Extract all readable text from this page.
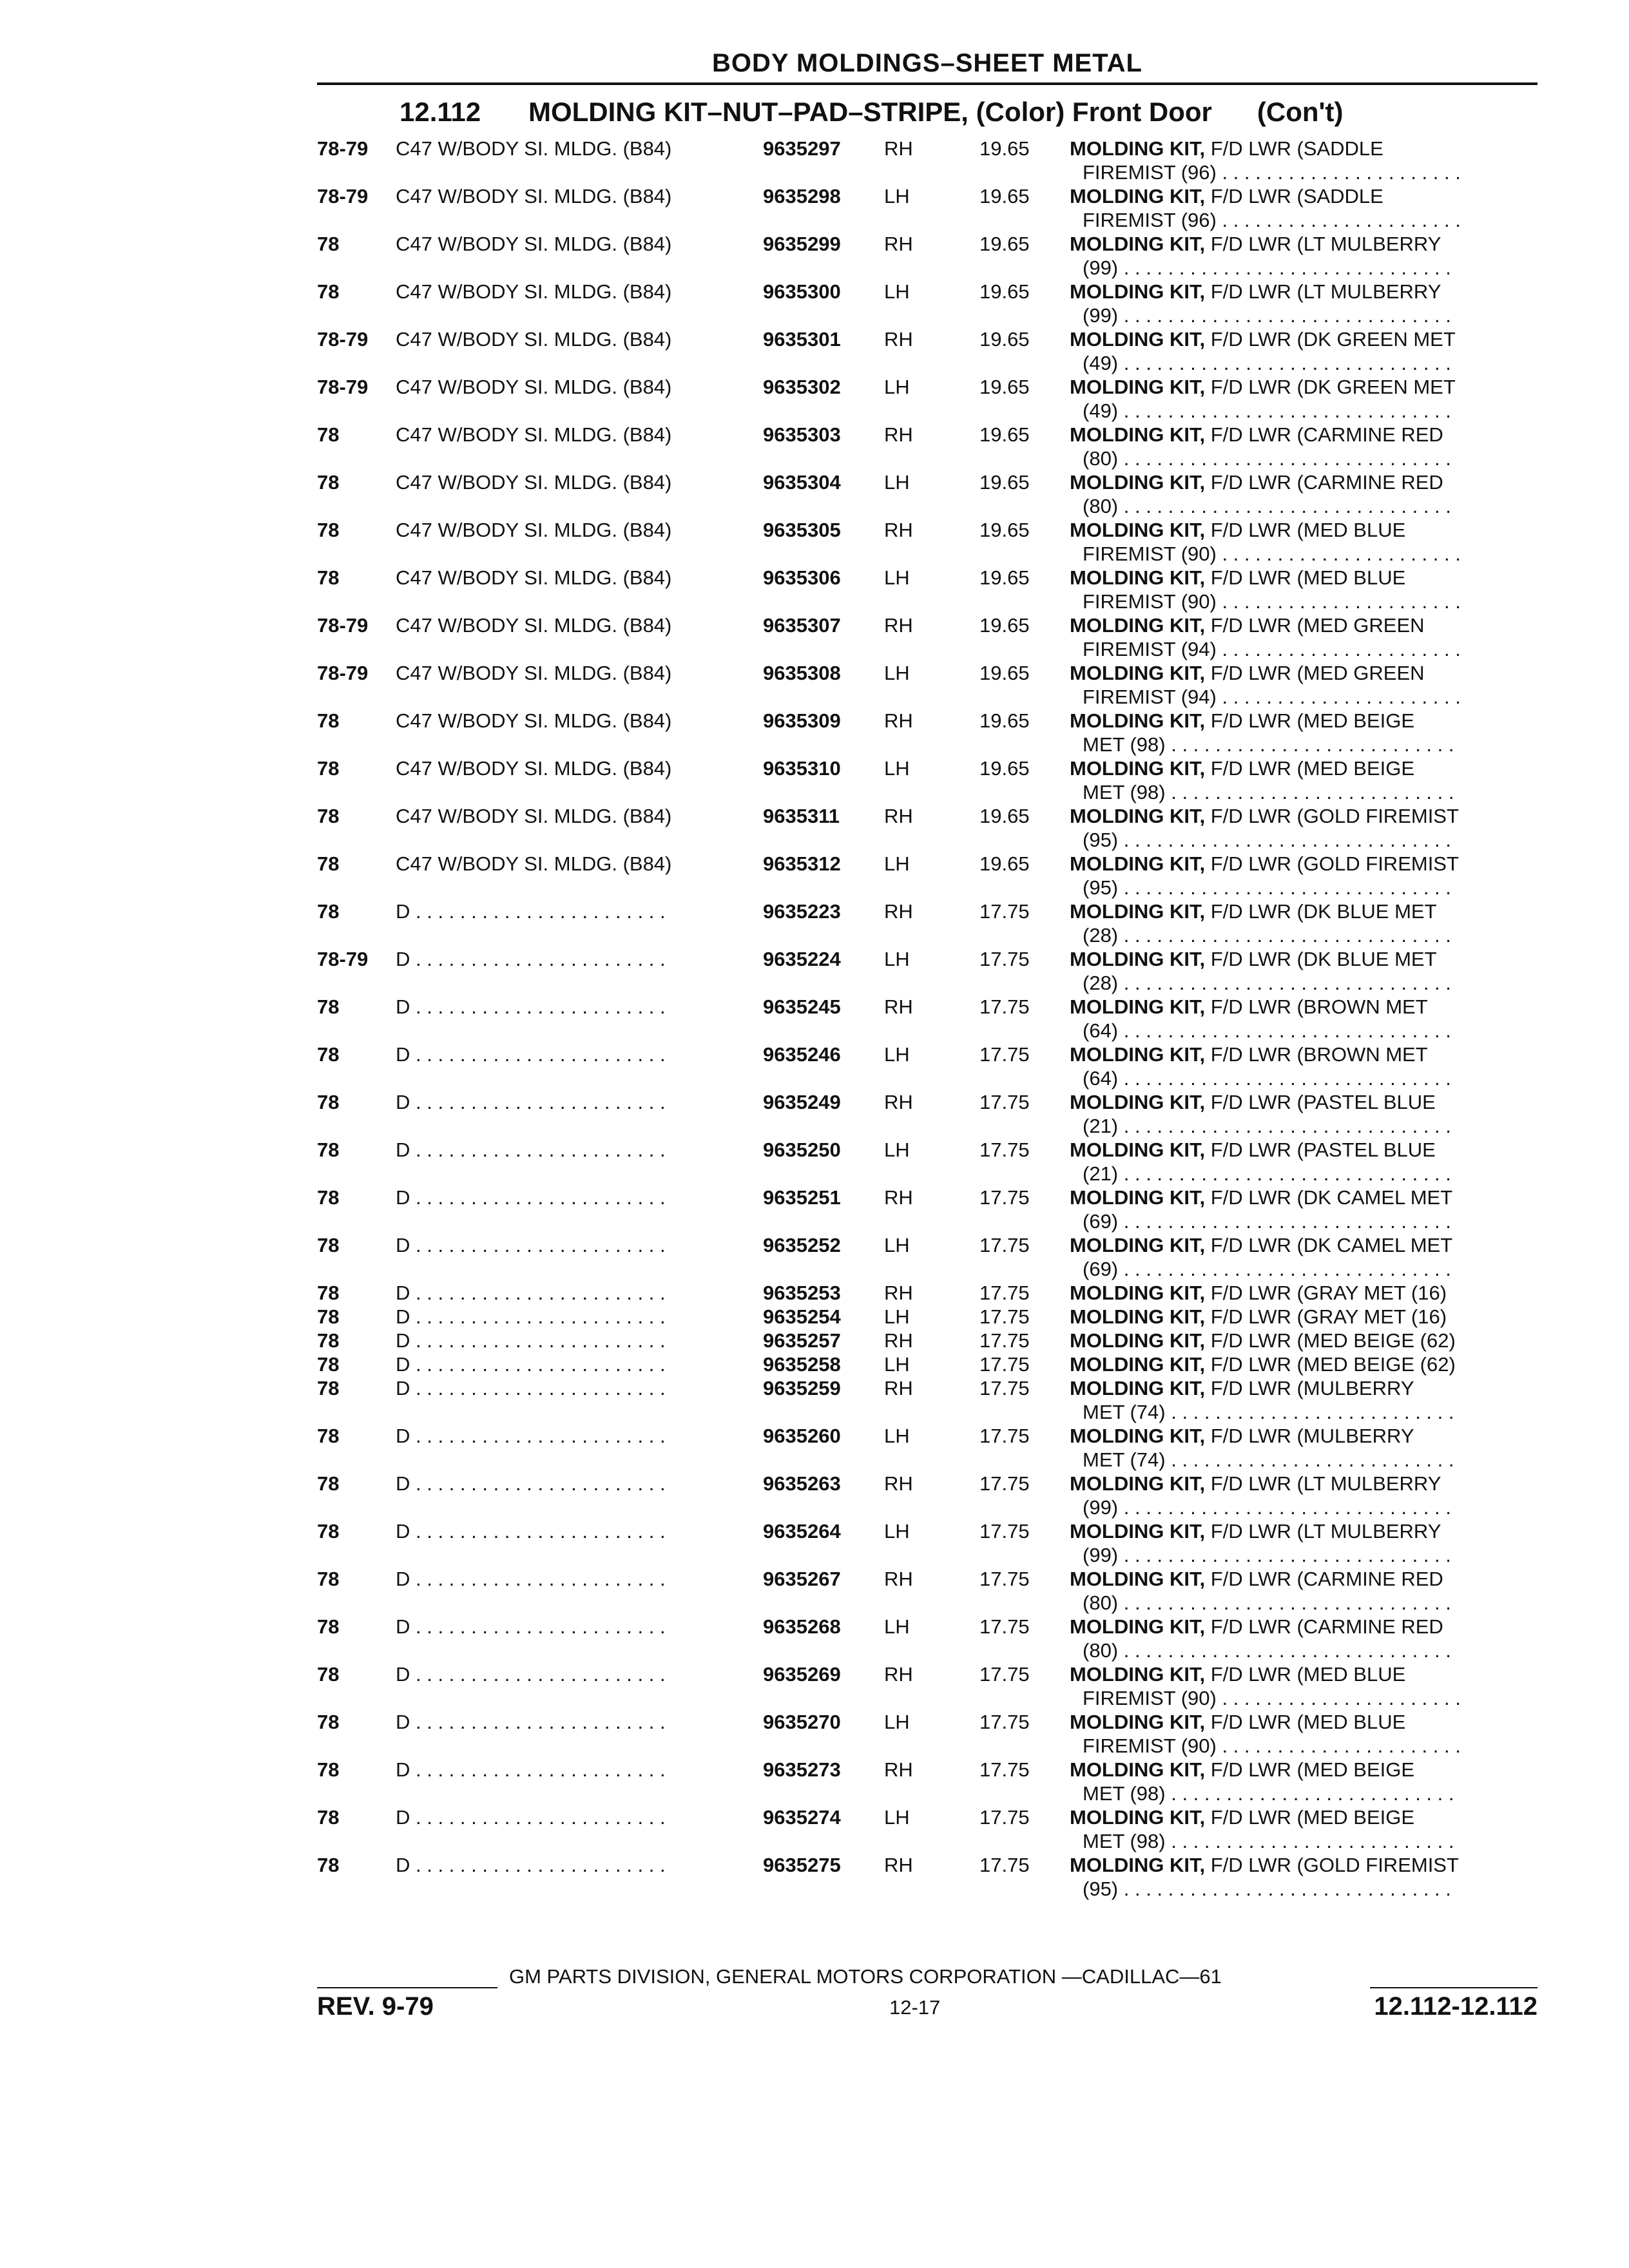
BODY MOLDINGS–SHEET METAL
12.112 MOLDING KIT–NUT–PAD–STRIPE, (Color) Front Door (Con't)
78-79	C47 W/BODY SI. MLDG. (B84)	9635297	RH	19.65	MOLDING KIT, F/D LWR (SADDLE
FIREMIST (96) . . . . . . . . . . . . . . . . . . . . . .
78-79	C47 W/BODY SI. MLDG. (B84)	9635298	LH	19.65	MOLDING KIT, F/D LWR (SADDLE
FIREMIST (96) . . . . . . . . . . . . . . . . . . . . . .
78	C47 W/BODY SI. MLDG. (B84)	9635299	RH	19.65	MOLDING KIT, F/D LWR (LT MULBERRY
(99) . . . . . . . . . . . . . . . . . . . . . . . . . . . . . .
78	C47 W/BODY SI. MLDG. (B84)	9635300	LH	19.65	MOLDING KIT, F/D LWR (LT MULBERRY
(99) . . . . . . . . . . . . . . . . . . . . . . . . . . . . . .
78-79	C47 W/BODY SI. MLDG. (B84)	9635301	RH	19.65	MOLDING KIT, F/D LWR (DK GREEN MET
(49) . . . . . . . . . . . . . . . . . . . . . . . . . . . . . .
78-79	C47 W/BODY SI. MLDG. (B84)	9635302	LH	19.65	MOLDING KIT, F/D LWR (DK GREEN MET
(49) . . . . . . . . . . . . . . . . . . . . . . . . . . . . . .
78	C47 W/BODY SI. MLDG. (B84)	9635303	RH	19.65	MOLDING KIT, F/D LWR (CARMINE RED
(80) . . . . . . . . . . . . . . . . . . . . . . . . . . . . . .
78	C47 W/BODY SI. MLDG. (B84)	9635304	LH	19.65	MOLDING KIT, F/D LWR (CARMINE RED
(80) . . . . . . . . . . . . . . . . . . . . . . . . . . . . . .
78	C47 W/BODY SI. MLDG. (B84)	9635305	RH	19.65	MOLDING KIT, F/D LWR (MED BLUE
FIREMIST (90) . . . . . . . . . . . . . . . . . . . . . .
78	C47 W/BODY SI. MLDG. (B84)	9635306	LH	19.65	MOLDING KIT, F/D LWR (MED BLUE
FIREMIST (90) . . . . . . . . . . . . . . . . . . . . . .
78-79	C47 W/BODY SI. MLDG. (B84)	9635307	RH	19.65	MOLDING KIT, F/D LWR (MED GREEN
FIREMIST (94) . . . . . . . . . . . . . . . . . . . . . .
78-79	C47 W/BODY SI. MLDG. (B84)	9635308	LH	19.65	MOLDING KIT, F/D LWR (MED GREEN
FIREMIST (94) . . . . . . . . . . . . . . . . . . . . . .
78	C47 W/BODY SI. MLDG. (B84)	9635309	RH	19.65	MOLDING KIT, F/D LWR (MED BEIGE
MET (98) . . . . . . . . . . . . . . . . . . . . . . . . . .
78	C47 W/BODY SI. MLDG. (B84)	9635310	LH	19.65	MOLDING KIT, F/D LWR (MED BEIGE
MET (98) . . . . . . . . . . . . . . . . . . . . . . . . . .
78	C47 W/BODY SI. MLDG. (B84)	9635311	RH	19.65	MOLDING KIT, F/D LWR (GOLD FIREMIST
(95) . . . . . . . . . . . . . . . . . . . . . . . . . . . . . .
78	C47 W/BODY SI. MLDG. (B84)	9635312	LH	19.65	MOLDING KIT, F/D LWR (GOLD FIREMIST
(95) . . . . . . . . . . . . . . . . . . . . . . . . . . . . . .
78	D . . . . . . . . . . . . . . . . . . . . . . .	9635223	RH	17.75	MOLDING KIT, F/D LWR (DK BLUE MET
(28) . . . . . . . . . . . . . . . . . . . . . . . . . . . . . .
78-79	D . . . . . . . . . . . . . . . . . . . . . . .	9635224	LH	17.75	MOLDING KIT, F/D LWR (DK BLUE MET
(28) . . . . . . . . . . . . . . . . . . . . . . . . . . . . . .
78	D . . . . . . . . . . . . . . . . . . . . . . .	9635245	RH	17.75	MOLDING KIT, F/D LWR (BROWN MET
(64) . . . . . . . . . . . . . . . . . . . . . . . . . . . . . .
78	D . . . . . . . . . . . . . . . . . . . . . . .	9635246	LH	17.75	MOLDING KIT, F/D LWR (BROWN MET
(64) . . . . . . . . . . . . . . . . . . . . . . . . . . . . . .
78	D . . . . . . . . . . . . . . . . . . . . . . .	9635249	RH	17.75	MOLDING KIT, F/D LWR (PASTEL BLUE
(21) . . . . . . . . . . . . . . . . . . . . . . . . . . . . . .
78	D . . . . . . . . . . . . . . . . . . . . . . .	9635250	LH	17.75	MOLDING KIT, F/D LWR (PASTEL BLUE
(21) . . . . . . . . . . . . . . . . . . . . . . . . . . . . . .
78	D . . . . . . . . . . . . . . . . . . . . . . .	9635251	RH	17.75	MOLDING KIT, F/D LWR (DK CAMEL MET
(69) . . . . . . . . . . . . . . . . . . . . . . . . . . . . . .
78	D . . . . . . . . . . . . . . . . . . . . . . .	9635252	LH	17.75	MOLDING KIT, F/D LWR (DK CAMEL MET
(69) . . . . . . . . . . . . . . . . . . . . . . . . . . . . . .
78	D . . . . . . . . . . . . . . . . . . . . . . .	9635253	RH	17.75	MOLDING KIT, F/D LWR (GRAY MET (16)
78	D . . . . . . . . . . . . . . . . . . . . . . .	9635254	LH	17.75	MOLDING KIT, F/D LWR (GRAY MET (16)
78	D . . . . . . . . . . . . . . . . . . . . . . .	9635257	RH	17.75	MOLDING KIT, F/D LWR (MED BEIGE (62)
78	D . . . . . . . . . . . . . . . . . . . . . . .	9635258	LH	17.75	MOLDING KIT, F/D LWR (MED BEIGE (62)
78	D . . . . . . . . . . . . . . . . . . . . . . .	9635259	RH	17.75	MOLDING KIT, F/D LWR (MULBERRY
MET (74) . . . . . . . . . . . . . . . . . . . . . . . . . .
78	D . . . . . . . . . . . . . . . . . . . . . . .	9635260	LH	17.75	MOLDING KIT, F/D LWR (MULBERRY
MET (74) . . . . . . . . . . . . . . . . . . . . . . . . . .
78	D . . . . . . . . . . . . . . . . . . . . . . .	9635263	RH	17.75	MOLDING KIT, F/D LWR (LT MULBERRY
(99) . . . . . . . . . . . . . . . . . . . . . . . . . . . . . .
78	D . . . . . . . . . . . . . . . . . . . . . . .	9635264	LH	17.75	MOLDING KIT, F/D LWR (LT MULBERRY
(99) . . . . . . . . . . . . . . . . . . . . . . . . . . . . . .
78	D . . . . . . . . . . . . . . . . . . . . . . .	9635267	RH	17.75	MOLDING KIT, F/D LWR (CARMINE RED
(80) . . . . . . . . . . . . . . . . . . . . . . . . . . . . . .
78	D . . . . . . . . . . . . . . . . . . . . . . .	9635268	LH	17.75	MOLDING KIT, F/D LWR (CARMINE RED
(80) . . . . . . . . . . . . . . . . . . . . . . . . . . . . . .
78	D . . . . . . . . . . . . . . . . . . . . . . .	9635269	RH	17.75	MOLDING KIT, F/D LWR (MED BLUE
FIREMIST (90) . . . . . . . . . . . . . . . . . . . . . .
78	D . . . . . . . . . . . . . . . . . . . . . . .	9635270	LH	17.75	MOLDING KIT, F/D LWR (MED BLUE
FIREMIST (90) . . . . . . . . . . . . . . . . . . . . . .
78	D . . . . . . . . . . . . . . . . . . . . . . .	9635273	RH	17.75	MOLDING KIT, F/D LWR (MED BEIGE
MET (98) . . . . . . . . . . . . . . . . . . . . . . . . . .
78	D . . . . . . . . . . . . . . . . . . . . . . .	9635274	LH	17.75	MOLDING KIT, F/D LWR (MED BEIGE
MET (98) . . . . . . . . . . . . . . . . . . . . . . . . . .
78	D . . . . . . . . . . . . . . . . . . . . . . .	9635275	RH	17.75	MOLDING KIT, F/D LWR (GOLD FIREMIST
(95) . . . . . . . . . . . . . . . . . . . . . . . . . . . . . .
GM PARTS DIVISION, GENERAL MOTORS CORPORATION —CADILLAC—61
REV. 9-79	12-17	12.112-12.112
